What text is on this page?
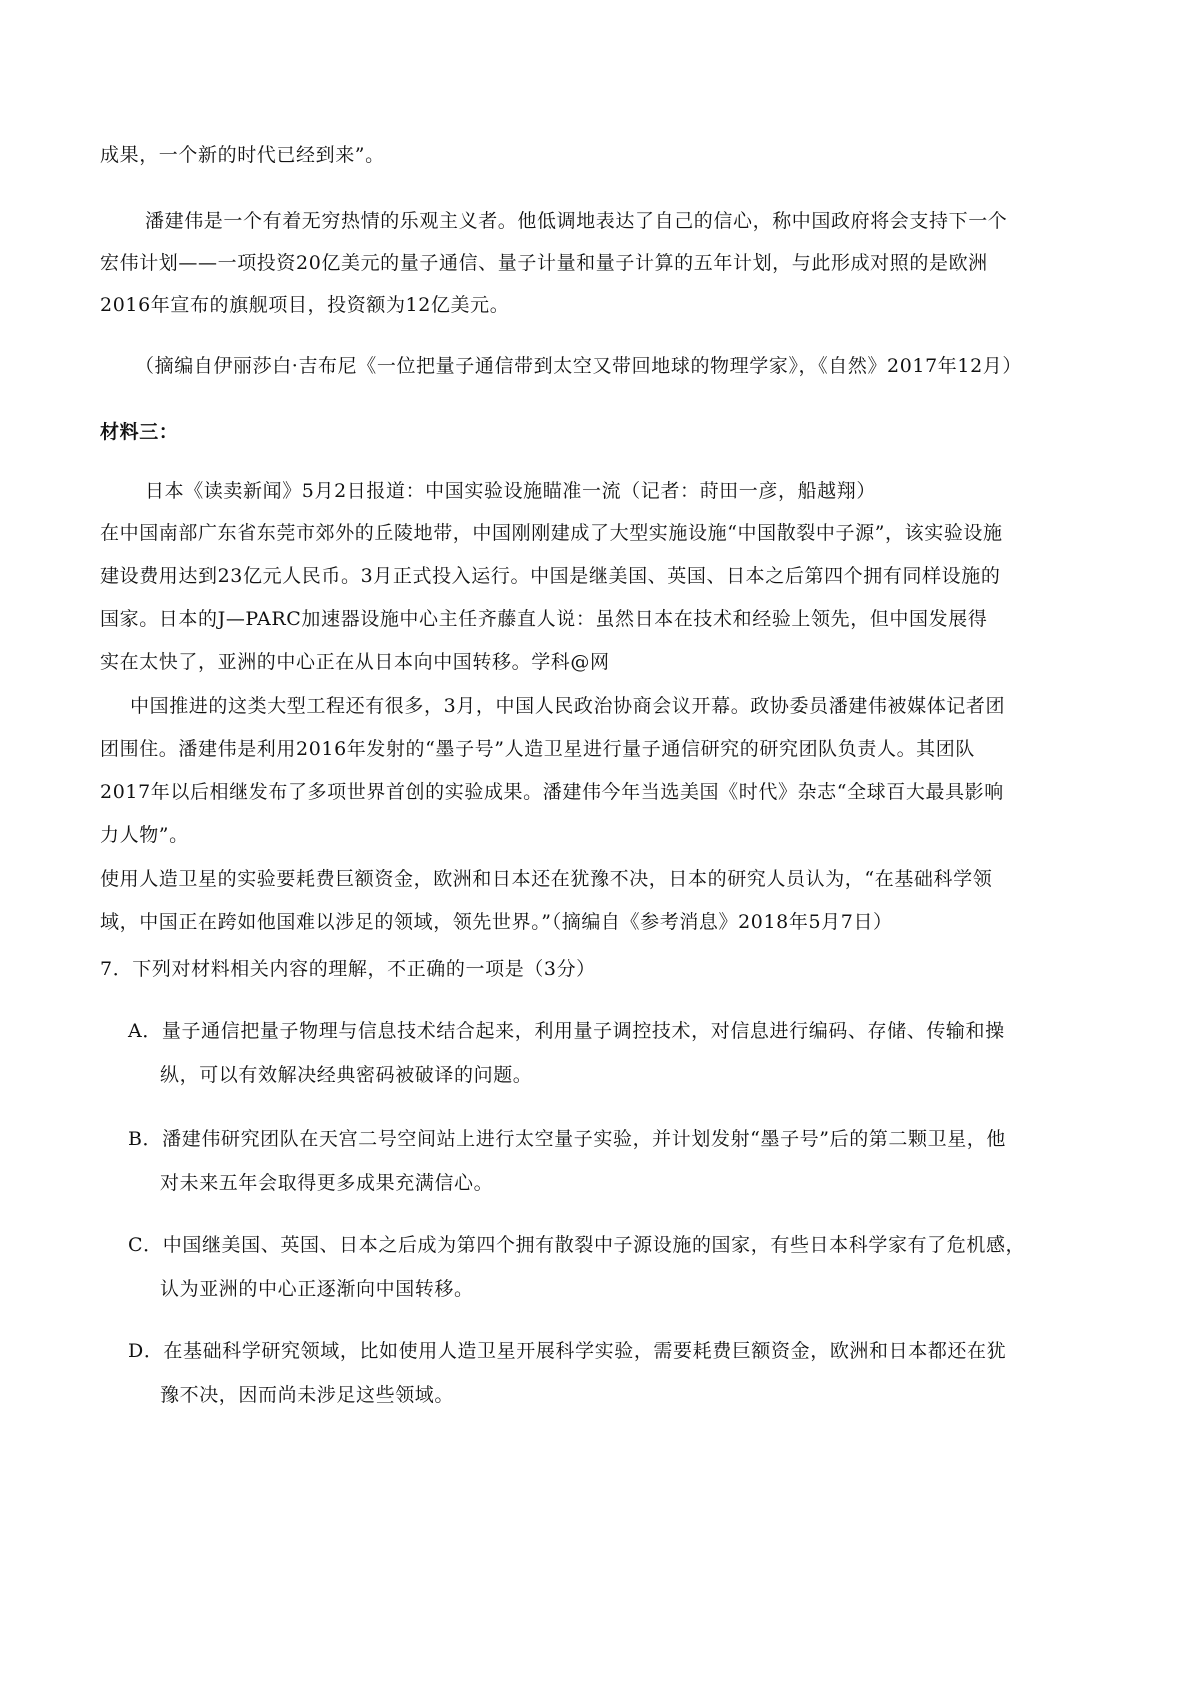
成果，一个新的时代已经到来”。
潘建伟是一个有着无穷热情的乐观主义者。他低调地表达了自己的信心，称中国政府将会支持下一个
宏伟计划——一项投资20亿美元的量子通信、量子计量和量子计算的五年计划，与此形成对照的是欧洲
2016年宣布的旗舰项目，投资额为12亿美元。
（摘编自伊丽莎白·吉布尼《一位把量子通信带到太空又带回地球的物理学家》，《自然》2017年12月）
材料三：
日本《读卖新闻》5月2日报道：中国实验设施瞄准一流（记者：莳田一彦，船越翔）
在中国南部广东省东莞市郊外的丘陵地带，中国刚刚建成了大型实施设施“中国散裂中子源”，该实验设施
建设费用达到23亿元人民币。3月正式投入运行。中国是继美国、英国、日本之后第四个拥有同样设施的
国家。日本的J—PARC加速器设施中心主任齐藤直人说：虽然日本在技术和经验上领先，但中国发展得
实在太快了，亚洲的中心正在从日本向中国转移。学科@网
中国推进的这类大型工程还有很多，3月，中国人民政治协商会议开幕。政协委员潘建伟被媒体记者团
团围住。潘建伟是利用2016年发射的“墨子号”人造卫星进行量子通信研究的研究团队负责人。其团队
2017年以后相继发布了多项世界首创的实验成果。潘建伟今年当选美国《时代》杂志“全球百大最具影响
力人物”。
使用人造卫星的实验要耗费巨额资金，欧洲和日本还在犹豫不决，日本的研究人员认为，“在基础科学领
域，中国正在跨如他国难以涉足的领域，领先世界。”（摘编自《参考消息》2018年5月7日）
7．下列对材料相关内容的理解，不正确的一项是（3分）
A．量子通信把量子物理与信息技术结合起来，利用量子调控技术，对信息进行编码、存储、传输和操
纵，可以有效解决经典密码被破译的问题。
B．潘建伟研究团队在天宫二号空间站上进行太空量子实验，并计划发射“墨子号”后的第二颗卫星，他
对未来五年会取得更多成果充满信心。
C．中国继美国、英国、日本之后成为第四个拥有散裂中子源设施的国家，有些日本科学家有了危机感，
认为亚洲的中心正逐渐向中国转移。
D．在基础科学研究领域，比如使用人造卫星开展科学实验，需要耗费巨额资金，欧洲和日本都还在犹
豫不决，因而尚未涉足这些领域。
